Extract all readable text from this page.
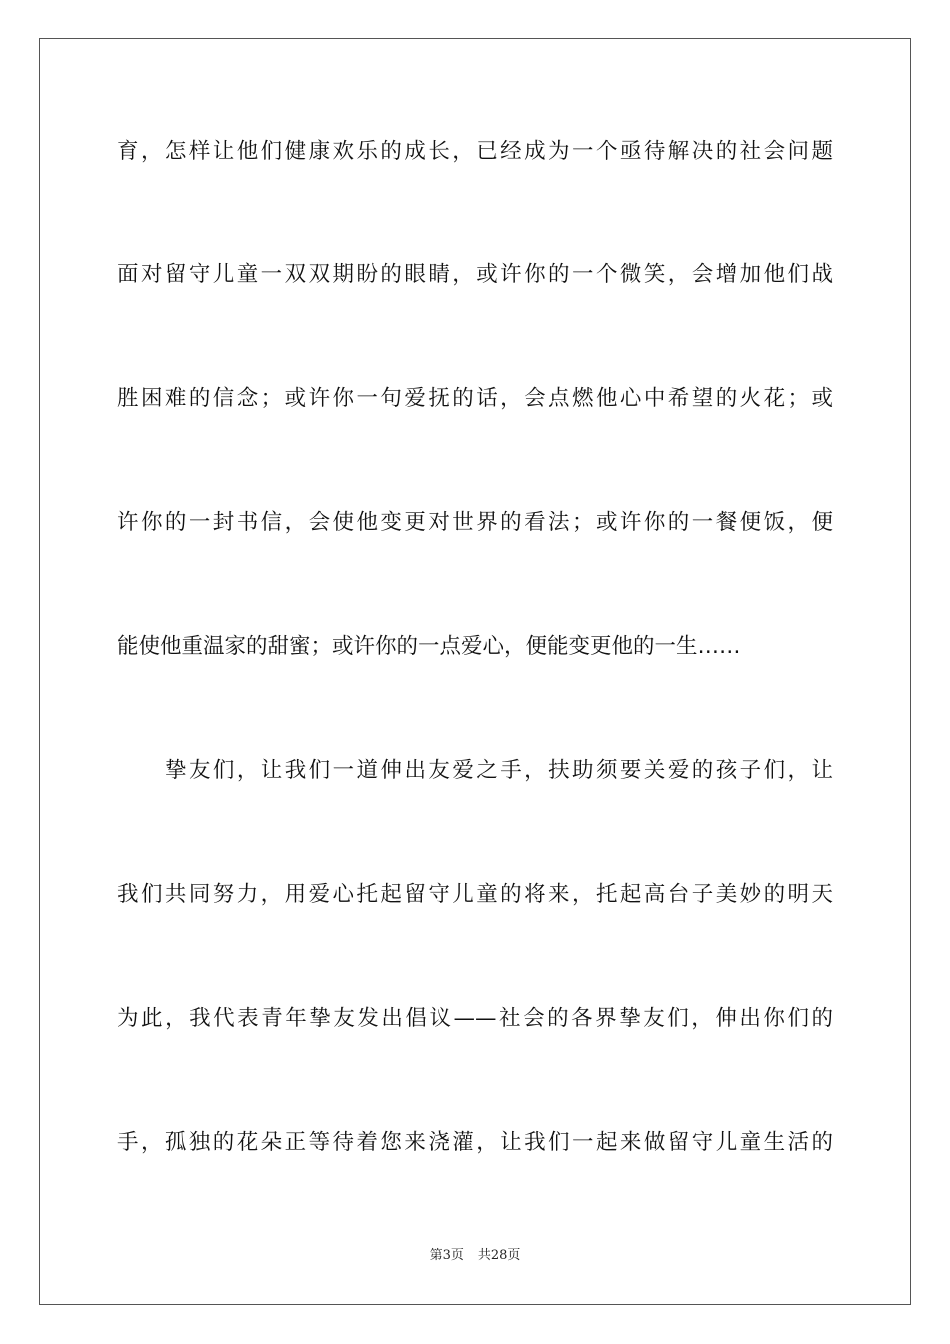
育，怎样让他们健康欢乐的成长，已经成为一个亟待解决的社会问题
面对留守儿童一双双期盼的眼睛，或许你的一个微笑，会增加他们战
胜困难的信念；或许你一句爱抚的话，会点燃他心中希望的火花；或
许你的一封书信，会使他变更对世界的看法；或许你的一餐便饭，便
能使他重温家的甜蜜；或许你的一点爱心，便能变更他的一生……
挚友们，让我们一道伸出友爱之手，扶助须要关爱的孩子们，让
我们共同努力，用爱心托起留守儿童的将来，托起高台子美妙的明天
为此，我代表青年挚友发出倡议——社会的各界挚友们，伸出你们的
手，孤独的花朵正等待着您来浇灌，让我们一起来做留守儿童生活的
第3页 共28页
